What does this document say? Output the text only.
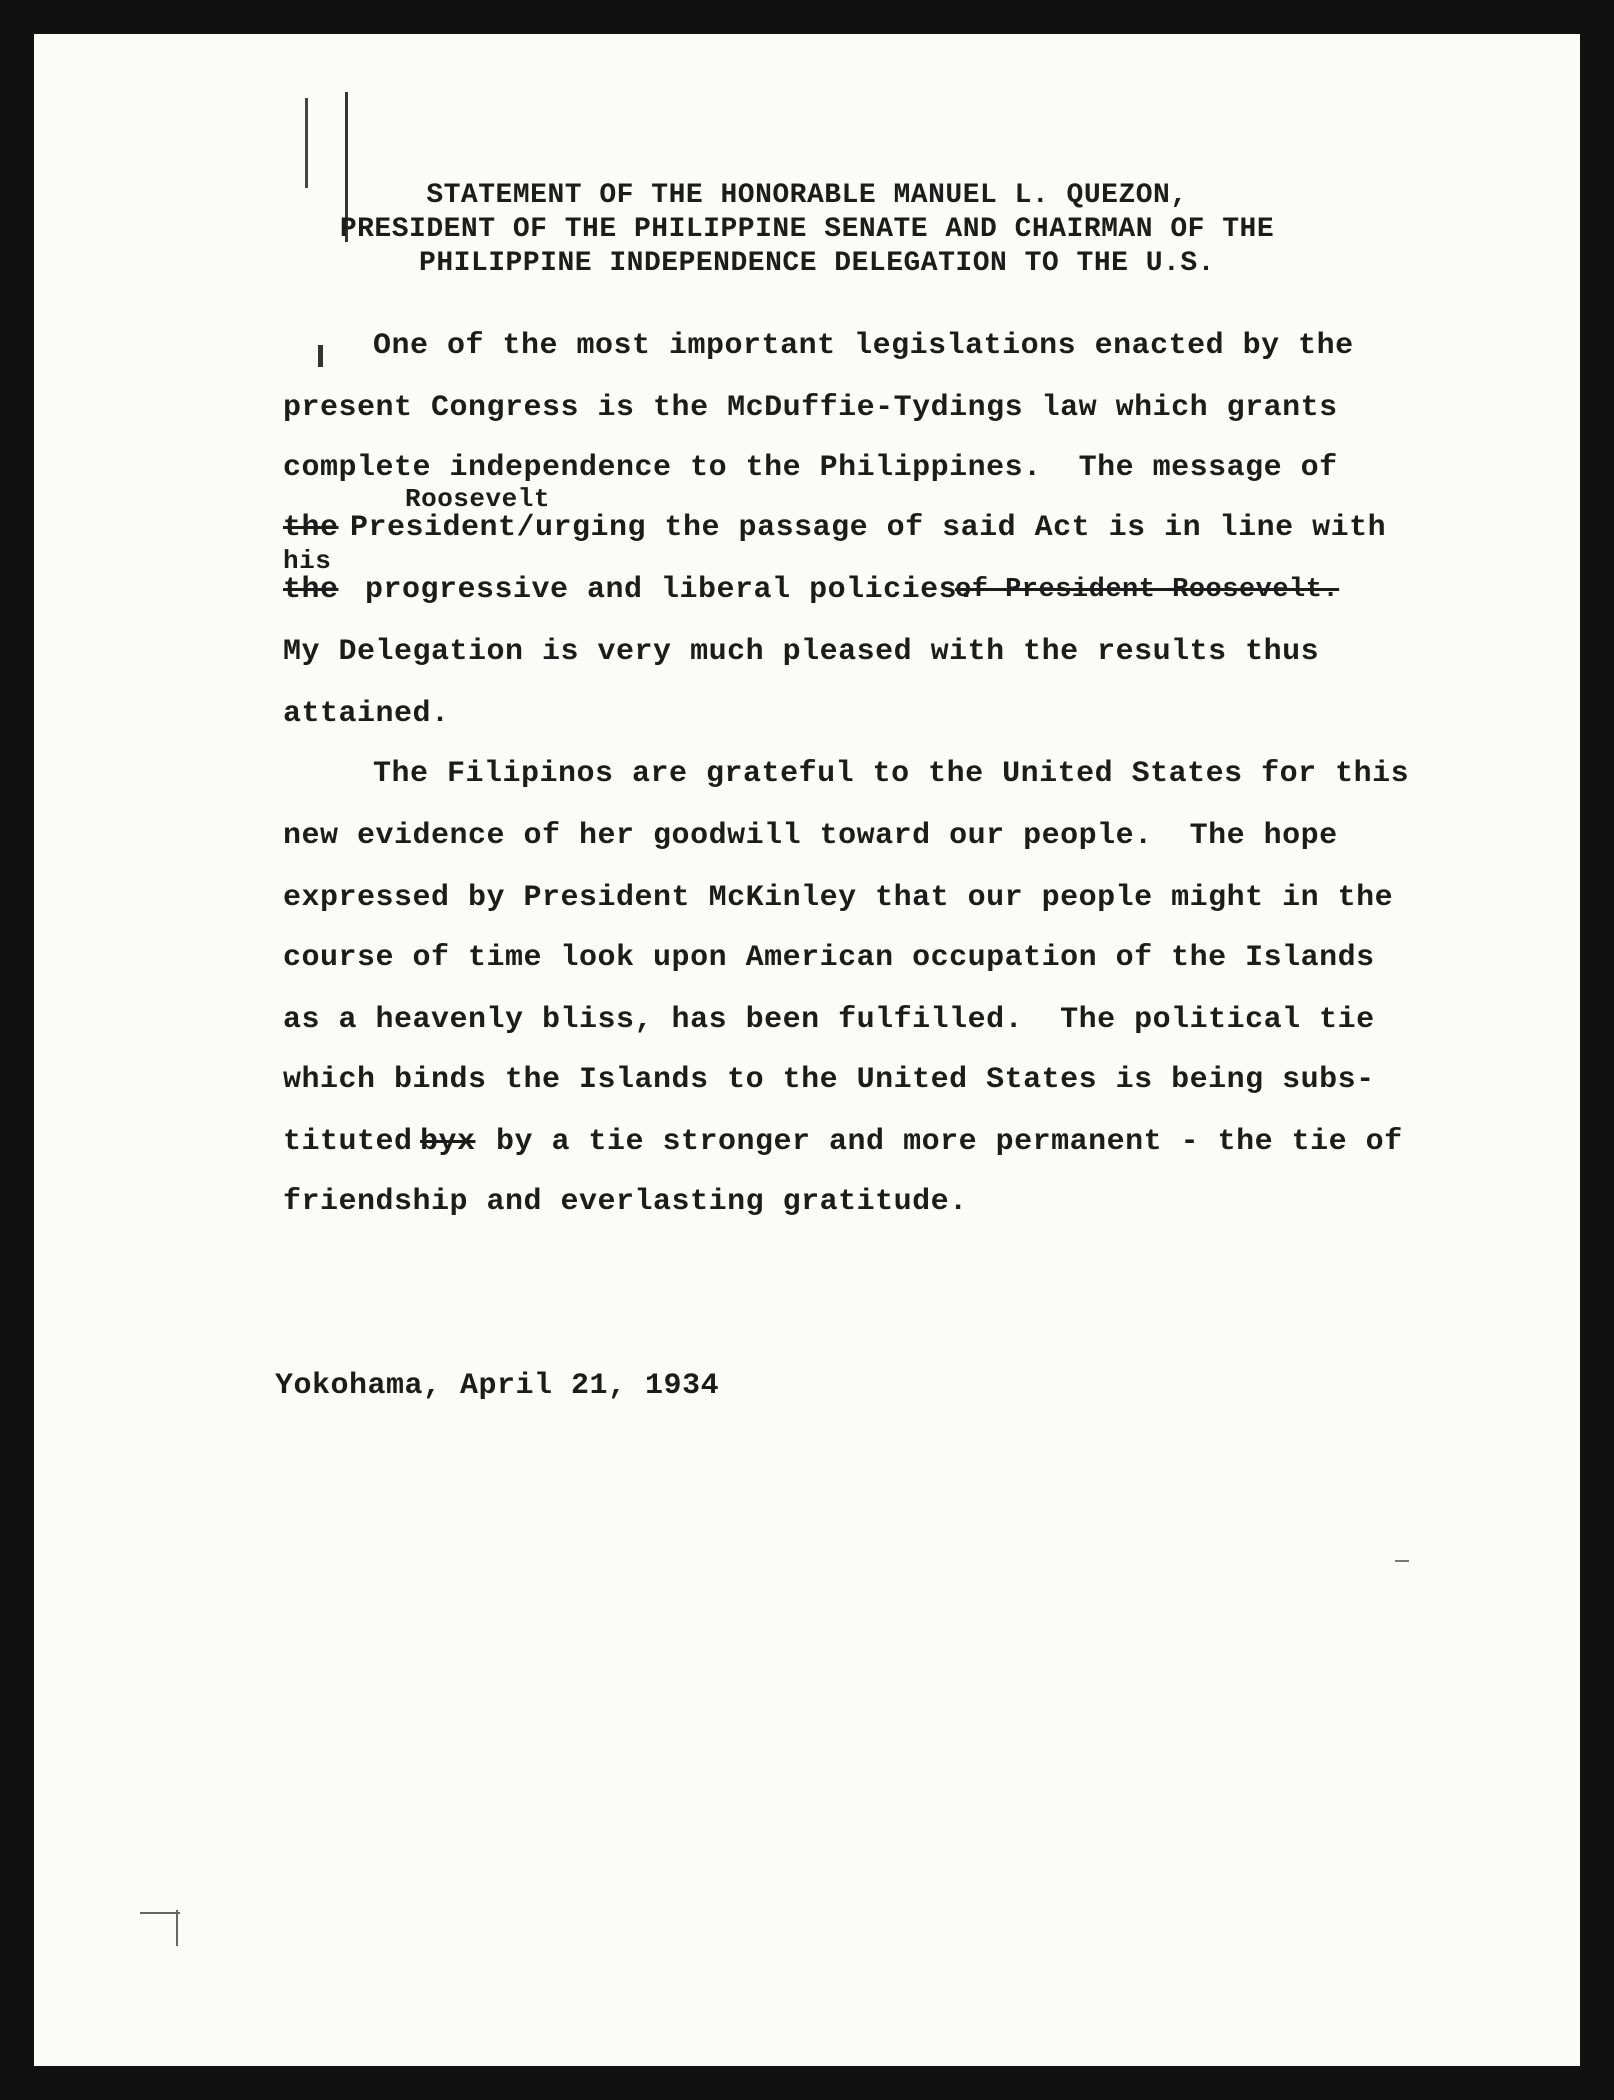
STATEMENT OF THE HONORABLE MANUEL L. QUEZON,
PRESIDENT OF THE PHILIPPINE SENATE AND CHAIRMAN OF THE
PHILIPPINE INDEPENDENCE DELEGATION TO THE U.S.
One of the most important legislations enacted by the
present Congress is the McDuffie-Tydings law which grants
complete independence to the Philippines.  The message of
Roosevelt
the President/urging the passage of said Act is in line with
his
the progressive and liberal policies.
of President Roosevelt.
My Delegation is very much pleased with the results thus
attained.
The Filipinos are grateful to the United States for this
new evidence of her goodwill toward our people.  The hope
expressed by President McKinley that our people might in the
course of time look upon American occupation of the Islands
as a heavenly bliss, has been fulfilled.  The political tie
which binds the Islands to the United States is being subs-
tituted byx by a tie stronger and more permanent - the tie of
friendship and everlasting gratitude.
Yokohama, April 21, 1934
